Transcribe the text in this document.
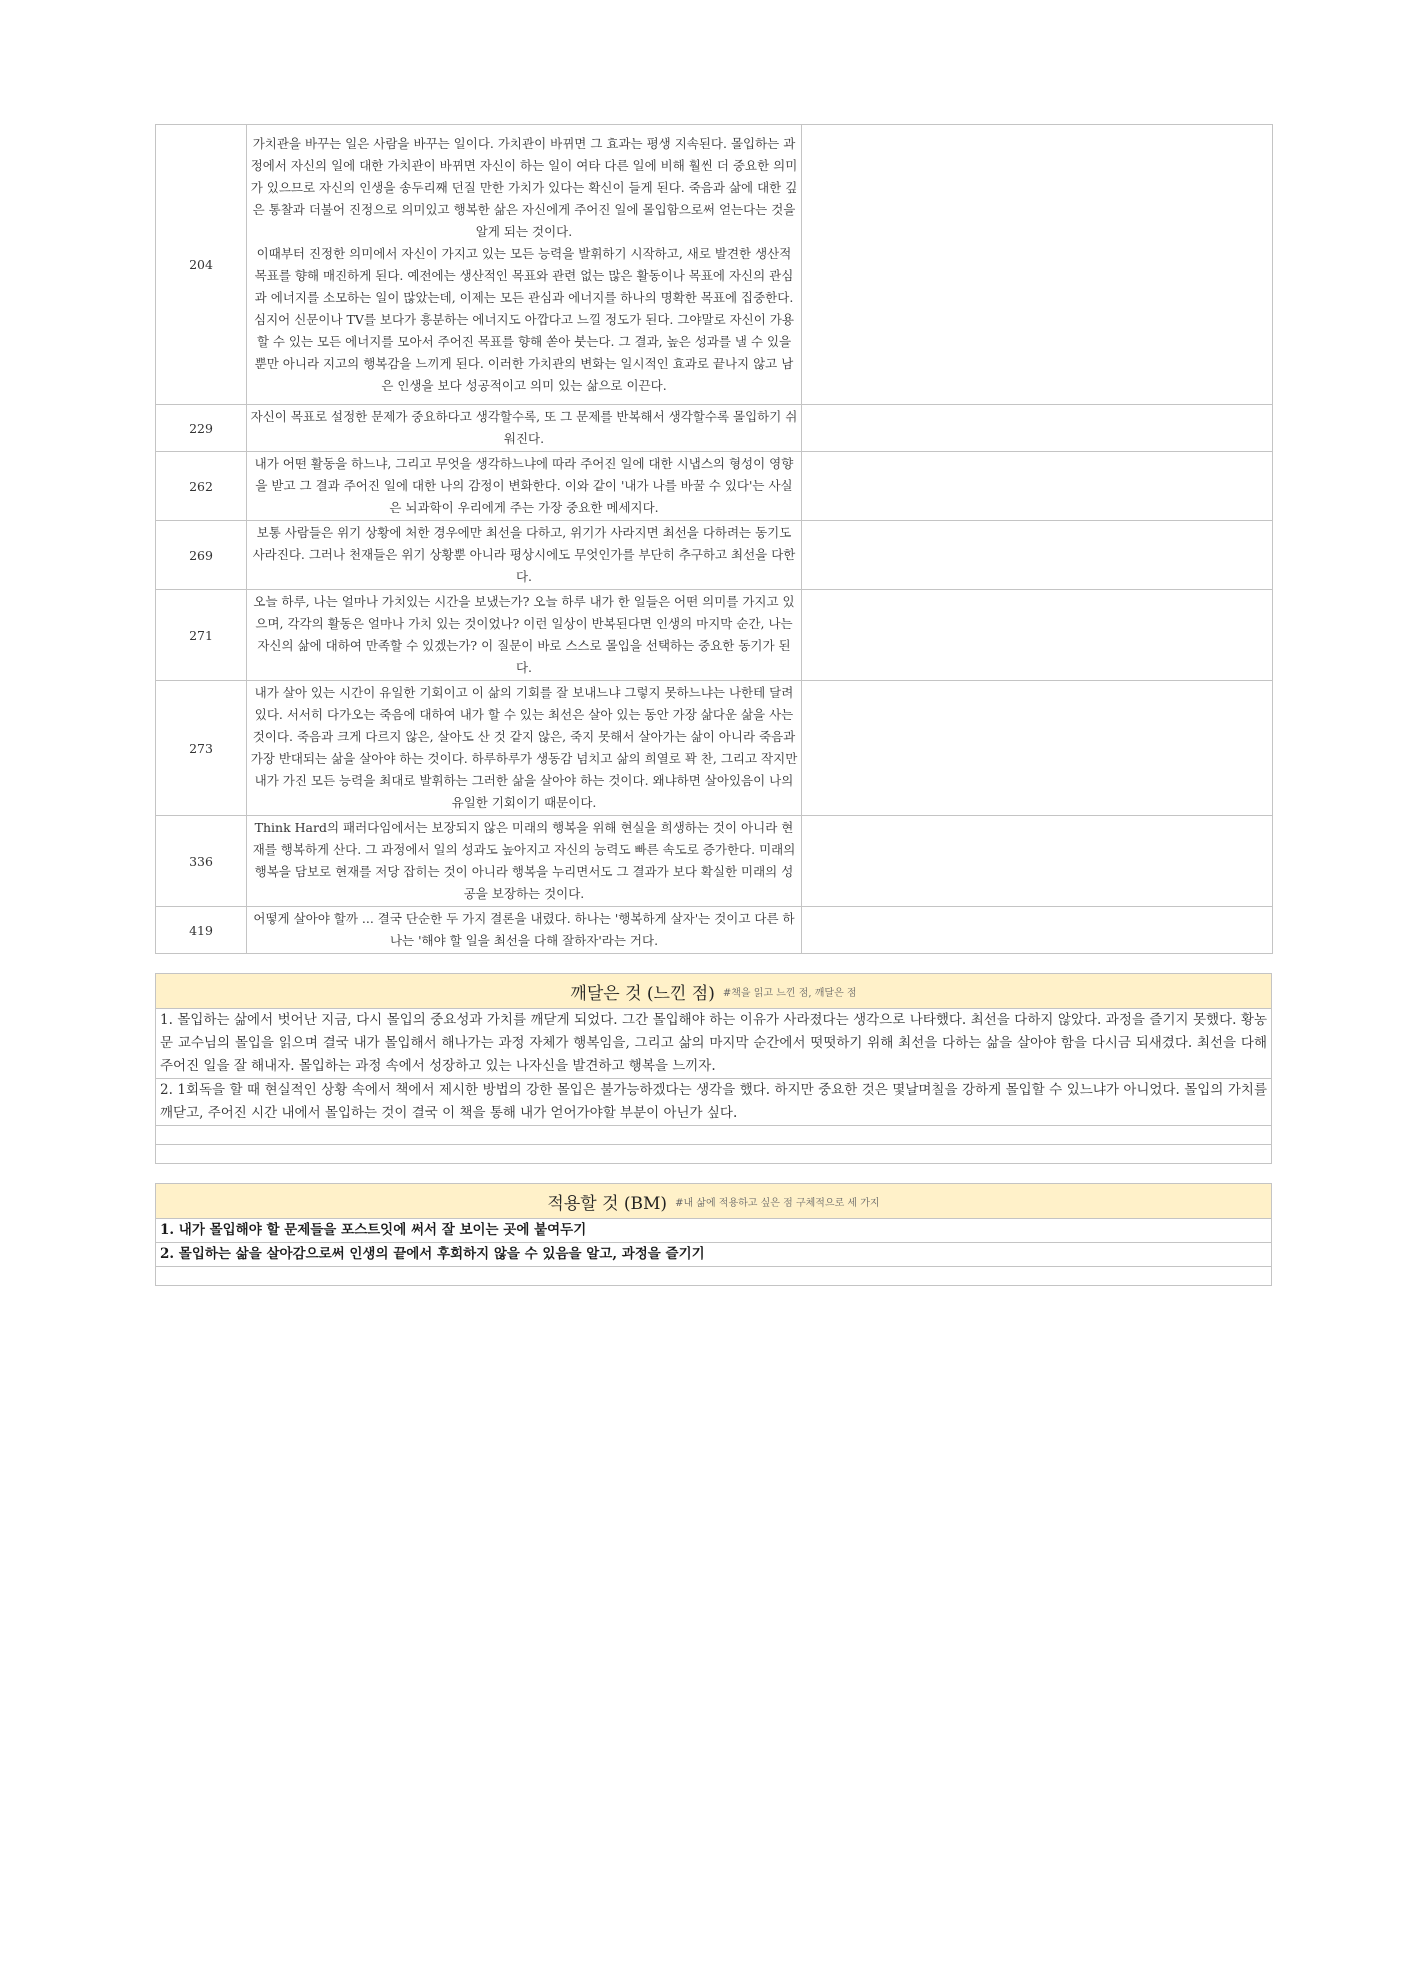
204	가치관을 바꾸는 일은 사람을 바꾸는 일이다. 가치관이 바뀌면 그 효과는 평생 지속된다. 몰입하는 과정에서 자신의 일에 대한 가치관이 바뀌면 자신이 하는 일이 여타 다른 일에 비해 훨씬 더 중요한 의미가 있으므로 자신의 인생을 송두리째 던질 만한 가치가 있다는 확신이 들게 된다. 죽음과 삶에 대한 깊은 통찰과 더불어 진정으로 의미있고 행복한 삶은 자신에게 주어진 일에 몰입함으로써 얻는다는 것을 알게 되는 것이다.
이때부터 진정한 의미에서 자신이 가지고 있는 모든 능력을 발휘하기 시작하고, 새로 발견한 생산적 목표를 향해 매진하게 된다. 예전에는 생산적인 목표와 관련 없는 많은 활동이나 목표에 자신의 관심과 에너지를 소모하는 일이 많았는데, 이제는 모든 관심과 에너지를 하나의 명확한 목표에 집중한다. 심지어 신문이나 TV를 보다가 흥분하는 에너지도 아깝다고 느낄 정도가 된다. 그야말로 자신이 가용할 수 있는 모든 에너지를 모아서 주어진 목표를 향해 쏟아 붓는다. 그 결과, 높은 성과를 낼 수 있을 뿐만 아니라 지고의 행복감을 느끼게 된다. 이러한 가치관의 변화는 일시적인 효과로 끝나지 않고 남은 인생을 보다 성공적이고 의미 있는 삶으로 이끈다.	
229	자신이 목표로 설정한 문제가 중요하다고 생각할수록, 또 그 문제를 반복해서 생각할수록 몰입하기 쉬워진다.	
262	내가 어떤 활동을 하느냐, 그리고 무엇을 생각하느냐에 따라 주어진 일에 대한 시냅스의 형성이 영향을 받고 그 결과 주어진 일에 대한 나의 감정이 변화한다. 이와 같이 '내가 나를 바꿀 수 있다'는 사실은 뇌과학이 우리에게 주는 가장 중요한 메세지다.	
269	보통 사람들은 위기 상황에 처한 경우에만 최선을 다하고, 위기가 사라지면 최선을 다하려는 동기도 사라진다. 그러나 천재들은 위기 상황뿐 아니라 평상시에도 무엇인가를 부단히 추구하고 최선을 다한다.	
271	오늘 하루, 나는 얼마나 가치있는 시간을 보냈는가? 오늘 하루 내가 한 일들은 어떤 의미를 가지고 있으며, 각각의 활동은 얼마나 가치 있는 것이었나? 이런 일상이 반복된다면 인생의 마지막 순간, 나는 자신의 삶에 대하여 만족할 수 있겠는가? 이 질문이 바로 스스로 몰입을 선택하는 중요한 동기가 된다.	
273	내가 살아 있는 시간이 유일한 기회이고 이 삶의 기회를 잘 보내느냐 그렇지 못하느냐는 나한테 달려 있다. 서서히 다가오는 죽음에 대하여 내가 할 수 있는 최선은 살아 있는 동안 가장 삶다운 삶을 사는 것이다. 죽음과 크게 다르지 않은, 살아도 산 것 같지 않은, 죽지 못해서 살아가는 삶이 아니라 죽음과 가장 반대되는 삶을 살아야 하는 것이다. 하루하루가 생동감 넘치고 삶의 희열로 꽉 찬, 그리고 작지만 내가 가진 모든 능력을 최대로 발휘하는 그러한 삶을 살아야 하는 것이다. 왜냐하면 살아있음이 나의 유일한 기회이기 때문이다.	
336	Think Hard의 패러다임에서는 보장되지 않은 미래의 행복을 위해 현실을 희생하는 것이 아니라 현재를 행복하게 산다. 그 과정에서 일의 성과도 높아지고 자신의 능력도 빠른 속도로 증가한다. 미래의 행복을 담보로 현재를 저당 잡히는 것이 아니라 행복을 누리면서도 그 결과가 보다 확실한 미래의 성공을 보장하는 것이다.	
419	어떻게 살아야 할까 ... 결국 단순한 두 가지 결론을 내렸다. 하나는 '행복하게 살자'는 것이고 다른 하나는 '해야 할 일을 최선을 다해 잘하자'라는 거다.	
깨달은 것 (느낀 점) #책을 읽고 느낀 점, 깨달은 점
1. 몰입하는 삶에서 벗어난 지금, 다시 몰입의 중요성과 가치를 깨닫게 되었다. 그간 몰입해야 하는 이유가 사라졌다는 생각으로 나타했다. 최선을 다하지 않았다. 과정을 즐기지 못했다. 황농문 교수님의 몰입을 읽으며 결국 내가 몰입해서 해나가는 과정 자체가 행복임을, 그리고 삶의 마지막 순간에서 떳떳하기 위해 최선을 다하는 삶을 살아야 함을 다시금 되새겼다. 최선을 다해 주어진 일을 잘 해내자. 몰입하는 과정 속에서 성장하고 있는 나자신을 발견하고 행복을 느끼자.
2. 1회독을 할 때 현실적인 상황 속에서 책에서 제시한 방법의 강한 몰입은 불가능하겠다는 생각을 했다. 하지만 중요한 것은 몇날며칠을 강하게 몰입할 수 있느냐가 아니었다. 몰입의 가치를 깨닫고, 주어진 시간 내에서 몰입하는 것이 결국 이 책을 통해 내가 얻어가야할 부분이 아닌가 싶다.
적용할 것 (BM) #내 삶에 적용하고 싶은 점 구체적으로 세 가지
1. 내가 몰입해야 할 문제들을 포스트잇에 써서 잘 보이는 곳에 붙여두기
2. 몰입하는 삶을 살아감으로써 인생의 끝에서 후회하지 않을 수 있음을 알고, 과정을 즐기기
